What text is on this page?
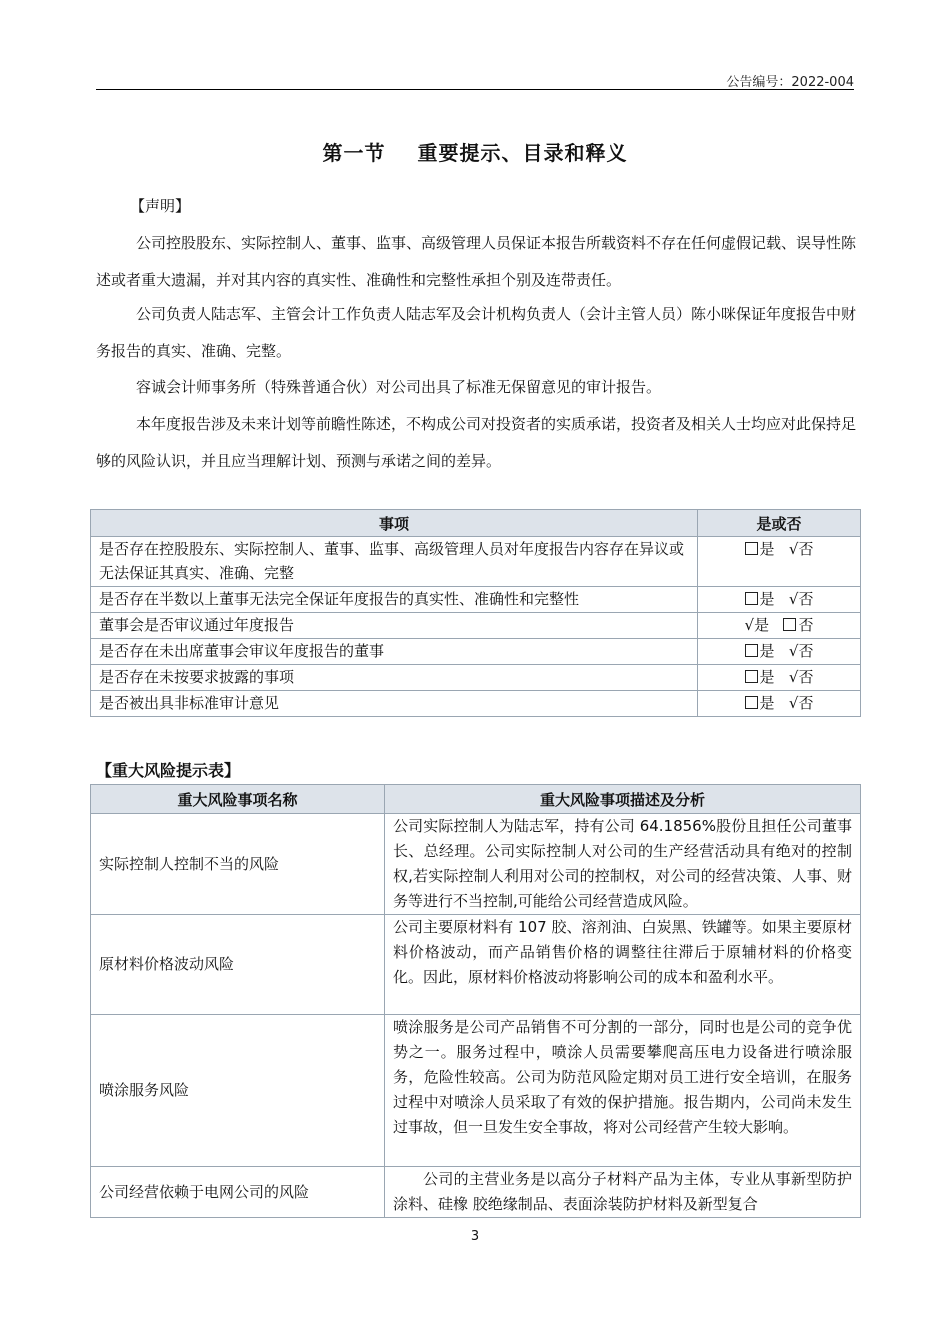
公告编号：2022-004
第一节 重要提示、目录和释义
【声明】
公司控股股东、实际控制人、董事、监事、高级管理人员保证本报告所载资料不存在任何虚假记载、误导性陈述或者重大遗漏，并对其内容的真实性、准确性和完整性承担个别及连带责任。
公司负责人陆志军、主管会计工作负责人陆志军及会计机构负责人（会计主管人员）陈小咪保证年度报告中财务报告的真实、准确、完整。
容诚会计师事务所（特殊普通合伙）对公司出具了标准无保留意见的审计报告。
本年度报告涉及未来计划等前瞻性陈述，不构成公司对投资者的实质承诺，投资者及相关人士均应对此保持足够的风险认识，并且应当理解计划、预测与承诺之间的差异。
事项	是或否
是否存在控股股东、实际控制人、董事、监事、高级管理人员对年度报告内容存在异议或无法保证其真实、准确、完整	是   √否
是否存在半数以上董事无法完全保证年度报告的真实性、准确性和完整性	是   √否
董事会是否审议通过年度报告	√是 否
是否存在未出席董事会审议年度报告的董事	是   √否
是否存在未按要求披露的事项	是   √否
是否被出具非标准审计意见	是   √否
【重大风险提示表】
重大风险事项名称	重大风险事项描述及分析
实际控制人控制不当的风险	公司实际控制人为陆志军，持有公司 64.1856%股份且担任公司董事长、总经理。公司实际控制人对公司的生产经营活动具有绝对的控制权,若实际控制人利用对公司的控制权，对公司的经营决策、人事、财务等进行不当控制,可能给公司经营造成风险。
原材料价格波动风险	公司主要原材料有 107 胶、溶剂油、白炭黑、铁罐等。如果主要原材料价格波动，而产品销售价格的调整往往滞后于原辅材料的价格变化。因此，原材料价格波动将影响公司的成本和盈利水平。
喷涂服务风险	喷涂服务是公司产品销售不可分割的一部分，同时也是公司的竞争优势之一。服务过程中，喷涂人员需要攀爬高压电力设备进行喷涂服务，危险性较高。公司为防范风险定期对员工进行安全培训，在服务过程中对喷涂人员采取了有效的保护措施。报告期内，公司尚未发生过事故，但一旦发生安全事故，将对公司经营产生较大影响。
公司经营依赖于电网公司的风险	公司的主营业务是以高分子材料产品为主体，专业从事新型防护涂料、硅橡 胶绝缘制品、表面涂装防护材料及新型复合
3
